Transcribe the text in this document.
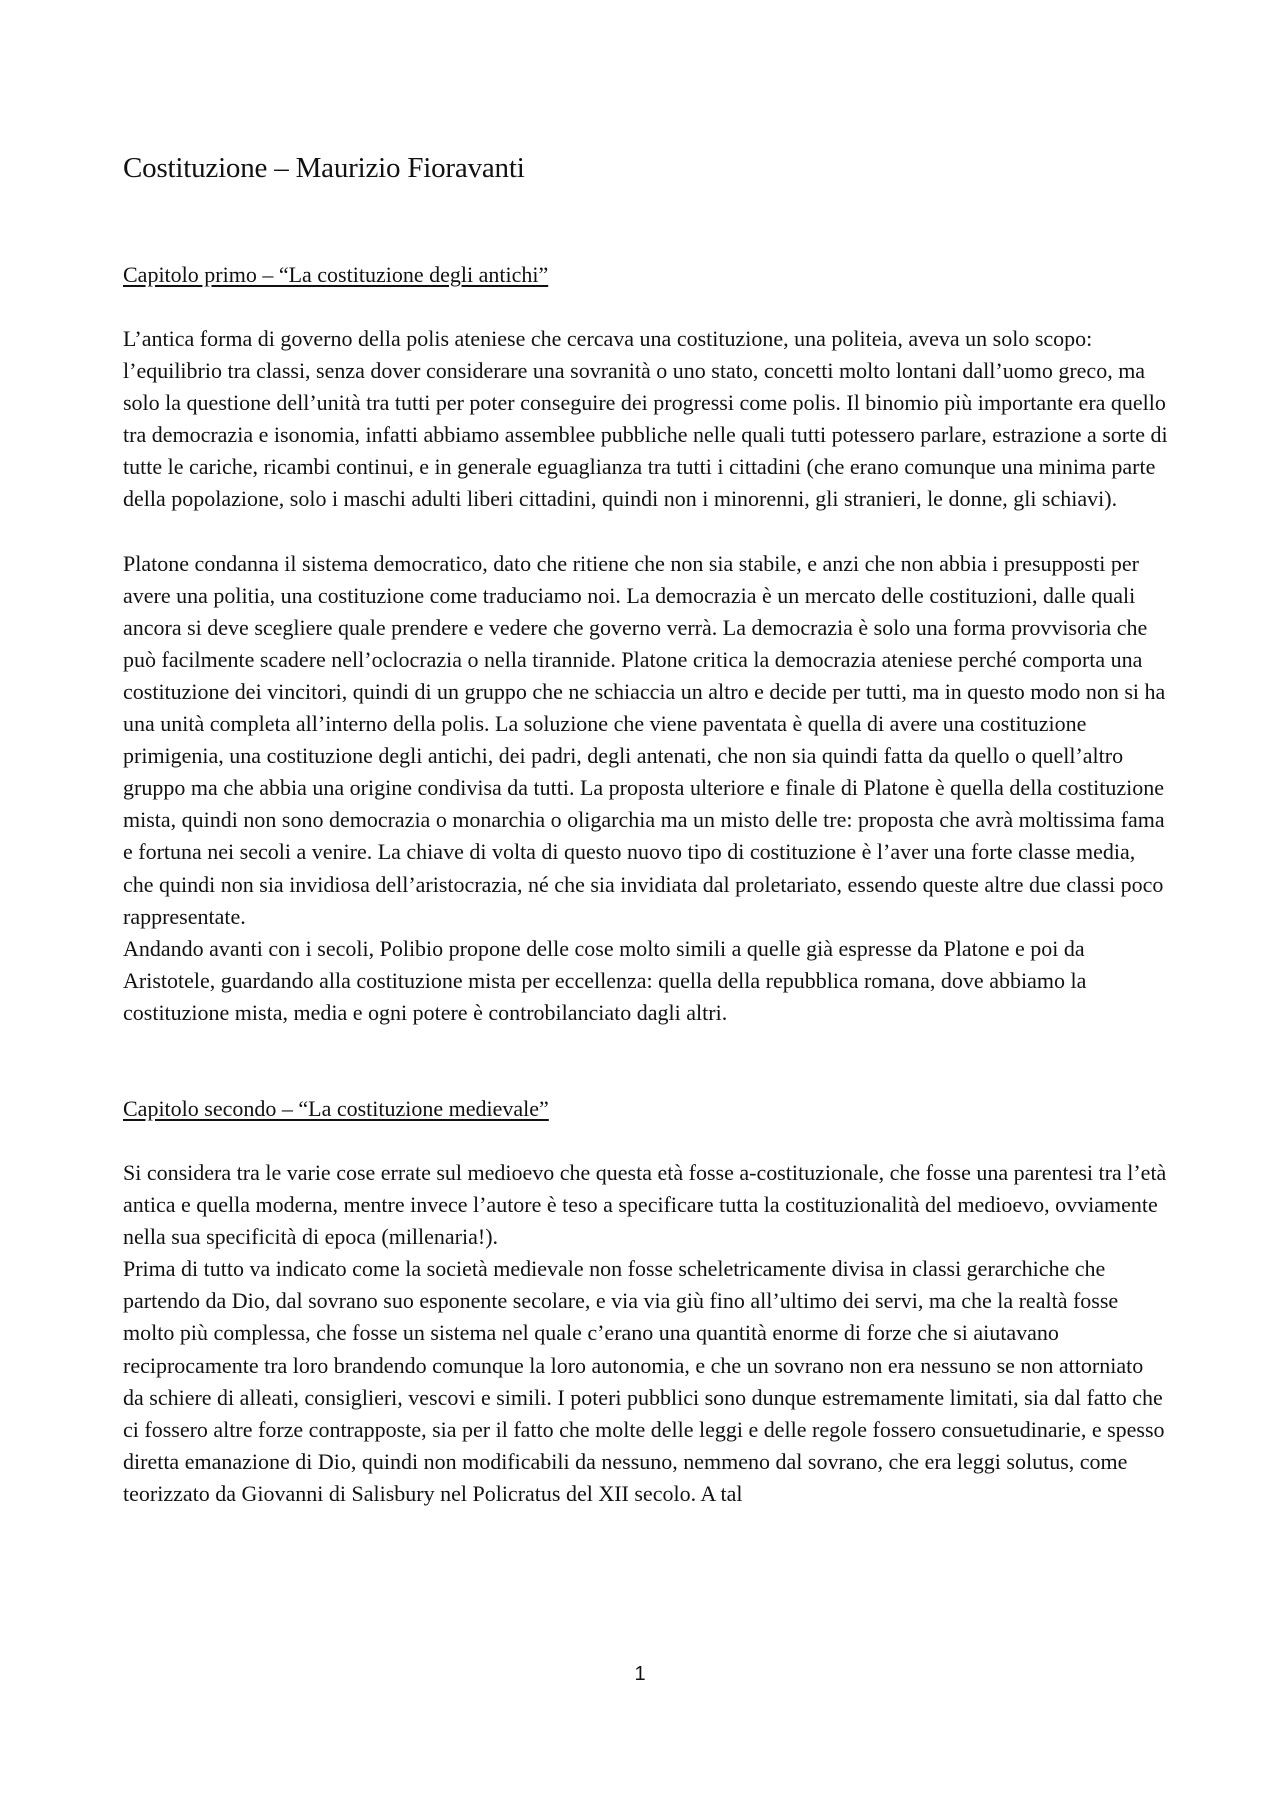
Costituzione – Maurizio Fioravanti
Capitolo primo – “La costituzione degli antichi”

L’antica forma di governo della polis ateniese che cercava una costituzione, una politeia, aveva un solo scopo: l’equilibrio tra classi, senza dover considerare una sovranità o uno stato, concetti molto lontani dall’uomo greco, ma solo la questione dell’unità tra tutti per poter conseguire dei progressi come polis. Il binomio più importante era quello tra democrazia e isonomia, infatti abbiamo assemblee pubbliche nelle quali tutti potessero parlare, estrazione a sorte di tutte le cariche, ricambi continui, e in generale eguaglianza tra tutti i cittadini (che erano comunque una minima parte della popolazione, solo i maschi adulti liberi cittadini, quindi non i minorenni, gli stranieri, le donne, gli schiavi).

Platone condanna il sistema democratico, dato che ritiene che non sia stabile, e anzi che non abbia i presupposti per avere una politia, una costituzione come traduciamo noi. La democrazia è un mercato delle costituzioni, dalle quali ancora si deve scegliere quale prendere e vedere che governo verrà. La democrazia è solo una forma provvisoria che può facilmente scadere nell’oclocrazia o nella tirannide. Platone critica la democrazia ateniese perché comporta una costituzione dei vincitori, quindi di un gruppo che ne schiaccia un altro e decide per tutti, ma in questo modo non si ha una unità completa all’interno della polis. La soluzione che viene paventata è quella di avere una costituzione primigenia, una costituzione degli antichi, dei padri, degli antenati, che non sia quindi fatta da quello o quell’altro gruppo ma che abbia una origine condivisa da tutti. La proposta ulteriore e finale di Platone è quella della costituzione mista, quindi non sono democrazia o monarchia o oligarchia ma un misto delle tre: proposta che avrà moltissima fama e fortuna nei secoli a venire. La chiave di volta di questo nuovo tipo di costituzione è l’aver una forte classe media, che quindi non sia invidiosa dell’aristocrazia, né che sia invidiata dal proletariato, essendo queste altre due classi poco rappresentate.

Andando avanti con i secoli, Polibio propone delle cose molto simili a quelle già espresse da Platone e poi da Aristotele, guardando alla costituzione mista per eccellenza: quella della repubblica romana, dove abbiamo la costituzione mista, media e ogni potere è controbilanciato dagli altri.

Capitolo secondo – “La costituzione medievale”

Si considera tra le varie cose errate sul medioevo che questa età fosse a-costituzionale, che fosse una parentesi tra l’età antica e quella moderna, mentre invece l’autore è teso a specificare tutta la costituzionalità del medioevo, ovviamente nella sua specificità di epoca (millenaria!).

Prima di tutto va indicato come la società medievale non fosse scheletricamente divisa in classi gerarchiche che partendo da Dio, dal sovrano suo esponente secolare, e via via giù fino all’ultimo dei servi, ma che la realtà fosse molto più complessa, che fosse un sistema nel quale c’erano una quantità enorme di forze che si aiutavano reciprocamente tra loro brandendo comunque la loro autonomia, e che un sovrano non era nessuno se non attorniato da schiere di alleati, consiglieri, vescovi e simili. I poteri pubblici sono dunque estremamente limitati, sia dal fatto che ci fossero altre forze contrapposte, sia per il fatto che molte delle leggi e delle regole fossero consuetudinarie, e spesso diretta emanazione di Dio, quindi non modificabili da nessuno, nemmeno dal sovrano, che era leggi solutus, come teorizzato da Giovanni di Salisbury nel Policratus del XII secolo. A tal

1
